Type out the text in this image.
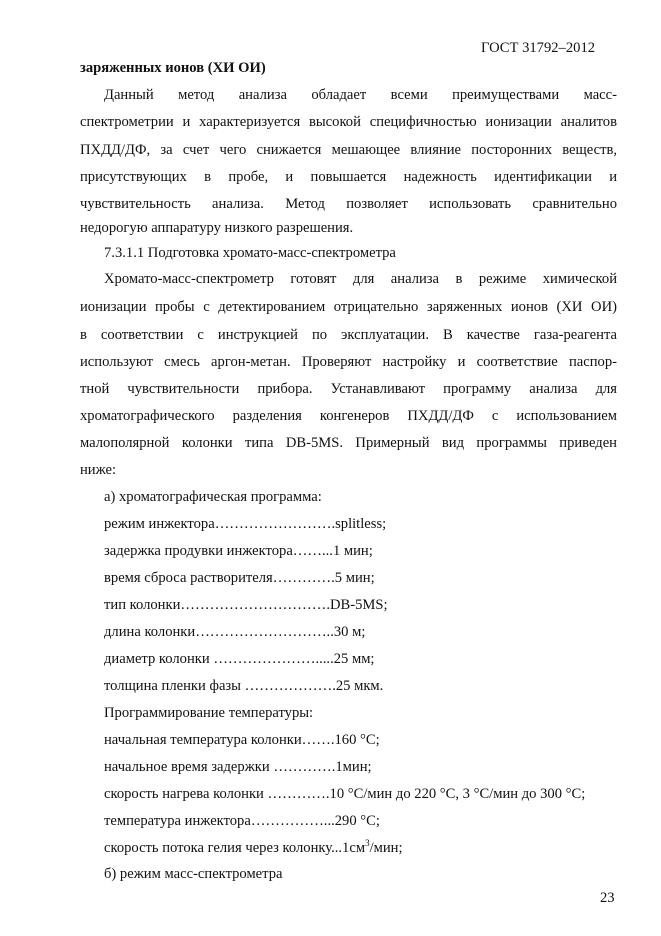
ГОСТ 31792–2012
заряженных ионов (ХИ ОИ)
Данный метод анализа обладает всеми преимуществами масс-
спектрометрии и характеризуется высокой специфичностью ионизации аналитов
ПХДД/ДФ, за счет чего снижается мешающее влияние посторонних веществ,
присутствующих в пробе, и повышается надежность идентификации и
чувствительность анализа. Метод позволяет использовать сравнительно
недорогую аппаратуру низкого разрешения.
7.3.1.1 Подготовка хромато-масс-спектрометра
Хромато-масс-спектрометр готовят для анализа в режиме химической
ионизации пробы с детектированием отрицательно заряженных ионов (ХИ ОИ)
в соответствии с инструкцией по эксплуатации. В качестве газа-реагента
используют смесь аргон-метан. Проверяют настройку и соответствие паспор-
тной чувствительности прибора. Устанавливают программу анализа для
хроматографического разделения конгенеров ПХДД/ДФ с использованием
малополярной колонки типа DB-5MS. Примерный вид программы приведен
ниже:
а) хроматографическая программа:
режим инжектора…………………….splitless;
задержка продувки инжектора……...1 мин;
время сброса растворителя………….5 мин;
тип колонки………………………….DB-5MS;
длина колонки………………………..30 м;
диаметр колонки ………………….....25 мм;
толщина пленки фазы ……………….25 мкм.
Программирование температуры:
начальная температура колонки…….160 °С;
начальное время задержки ………….1мин;
скорость нагрева колонки ………….10 °С/мин до 220 °С, 3 °С/мин до 300 °С;
температура инжектора……………...290 °С;
скорость потока гелия через $колонку...1см^3$/мин;
б) режим масс-спектрометра
23
